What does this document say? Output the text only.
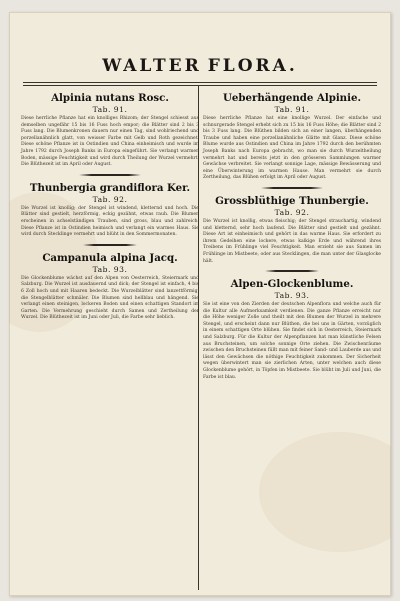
WALTER FLORA.
Alpinia nutans Rosc.
Tab. 91.

Diese herrliche Pflanze hat ein knolliges Rhizom; der Stengel schiesst aus demselben ungefähr 15 bis 16 Fuss hoch empor; die Blätter sind 2 bis 3 Fuss lang. Die Blumenkronen dauern nur einen Tag, sind wohlriechend und porzellanähnlich glatt, von weisser Farbe mit Gelb und Roth gezeichnet. Diese schöne Pflanze ist in Ostindien und China einheimisch und wurde im Jahre 1792 durch Joseph Banks in Europa eingeführt. Sie verlangt warmen Boden, mässige Feuchtigkeit und wird durch Theilung der Wurzel vermehrt. Die Blüthezeit ist im April oder August.

Thunbergia grandiflora Ker.
Tab. 92.

Die Wurzel ist knollig; der Stengel ist windend, kletternd und hoch. Die Blätter sind gestielt, herzförmig, eckig gezähnt, etwas rauh. Die Blumen erscheinen in achselständigen Trauben, sind gross, blau und zahlreich. Diese Pflanze ist in Ostindien heimisch und verlangt ein warmes Haus. Sie wird durch Stecklinge vermehrt und blüht in den Sommermonaten.

Campanula alpina Jacq.
Tab. 93.

Die Glockenblume wächst auf den Alpen von Oesterreich, Steiermark und Salzburg. Die Wurzel ist ausdauernd und dick; der Stengel ist einfach, 4 bis 6 Zoll hoch und mit Haaren bedeckt. Die Wurzelblätter sind lanzettförmig, die Stengelblätter schmäler. Die Blumen sind hellblau und hängend. Sie verlangt einen steinigen, lockeren Boden und einen schattigen Standort im Garten. Die Vermehrung geschieht durch Samen und Zertheilung der Wurzel. Die Blüthezeit ist im Juni oder Juli, die Farbe sehr lieblich.

Ueberhängende Alpinie.
Tab. 91.

Diese herrliche Pflanze hat eine knollige Wurzel. Der einfache und schnurgerade Stengel erhebt sich zu 15 bis 16 Fuss Höhe; die Blätter sind 2 bis 3 Fuss lang. Die Blüthen bilden sich an einer langen, überhängenden Traube und haben eine porzellanähnliche Glätte mit Glanz. Diese schöne Blume wurde aus Ostindien und China im Jahre 1792 durch den berühmten Joseph Banks nach Europa gebracht, wo man sie durch Wurzeltheilung vermehrt hat und bereits jetzt in den grösseren Sammlungen warmer Gewächse verbreitet. Sie verlangt sonnige Lage, mässige Bewässerung und eine Überwinterung im warmen Hause. Man vermehrt sie durch Zertheilung, das Blühen erfolgt im April oder August.

Grossblüthige Thunbergie.
Tab. 92.

Die Wurzel ist knollig, etwas fleischig; der Stengel strauchartig, windend und kletternd, sehr hoch laufend. Die Blätter sind gestielt und gezähnt. Diese Art ist einheimisch und gehört in das warme Haus. Sie erfordert zu ihrem Gedeihen eine lockere, etwas kalkige Erde und während ihres Treibens im Frühlinge viel Feuchtigkeit. Man erzieht sie aus Samen im Frühlinge im Mistbeete, oder aus Stecklingen, die man unter der Glasglocke hält.

Alpen-Glockenblume.
Tab. 93.

Sie ist eine von den Zierden der deutschen Alpenflora und welche auch für die Kultur alle Aufmerksamkeit verdienen. Die ganze Pflanze erreicht nur die Höhe weniger Zolle und theilt mit den Blumen der Wurzel in mehrere Stengel, und erscheint dann nur Blüthen, die bei uns in Gärten, vorzüglich in einem schattigen Orte blühen. Sie findet sich in Oesterreich, Steiermark und Salzburg. Für die Kultur der Alpenpflanzen hat man künstliche Felsen aus Bruchsteinen, um solche sonnige Orte ziehen. Die Zwischenräume zwischen den Bruchsteinen füllt man mit feiner Sand- und Lauberde aus und lässt den Gewächsen die nöthige Feuchtigkeit zukommen. Der Sicherheit wegen überwintert man sie zierlichen Arten, unter welchen auch diese Glockenblume gehört, in Töpfen im Mistbeete. Sie blüht im Juli und Juni, die Farbe ist blau.
